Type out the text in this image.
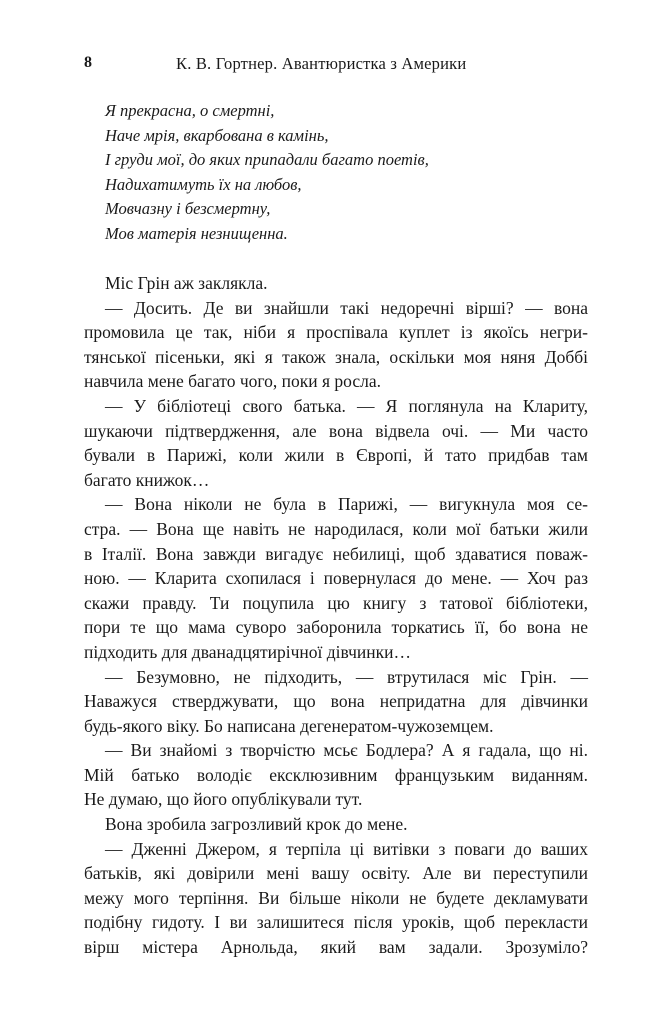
8	К. В. Гортнер. Авантюристка з Америки
Я прекрасна, о смертні,
Наче мрія, вкарбована в камінь,
І груди мої, до яких припадали багато поетів,
Надихатимуть їх на любов,
Мовчазну і безсмертну,
Мов матерія незнищенна.
Міс Грін аж заклякла.
— Досить. Де ви знайшли такі недоречні вірші? — вона
промовила це так, ніби я проспівала куплет із якоїсь негри-
тянської пісеньки, які я також знала, оскільки моя няня Доббі
навчила мене багато чого, поки я росла.
— У бібліотеці свого батька. — Я поглянула на Клариту,
шукаючи підтвердження, але вона відвела очі. — Ми часто
бували в Парижі, коли жили в Європі, й тато придбав там
багато книжок…
— Вона ніколи не була в Парижі, — вигукнула моя се-
стра. — Вона ще навіть не народилася, коли мої батьки жили
в Італії. Вона завжди вигадує небилиці, щоб здаватися поваж-
ною. — Кларита схопилася і повернулася до мене. — Хоч раз
скажи правду. Ти поцупила цю книгу з татової бібліотеки,
пори те що мама суворо заборонила торкатись її, бо вона не
підходить для дванадцятирічної дівчинки…
— Безумовно, не підходить, — втрутилася міс Грін. —
Наважуся стверджувати, що вона непридатна для дівчинки
будь-якого віку. Бо написана дегенератом-чужоземцем.
— Ви знайомі з творчістю мсьє Бодлера? А я гадала, що ні.
Мій батько володіє ексклюзивним французьким виданням.
Не думаю, що його опублікували тут.
Вона зробила загрозливий крок до мене.
— Дженні Джером, я терпіла ці витівки з поваги до ваших
батьків, які довірили мені вашу освіту. Але ви переступили
межу мого терпіння. Ви більше ніколи не будете декламувати
подібну гидоту. І ви залишитеся після уроків, щоб перекласти
вірш містера Арнольда, який вам задали. Зрозуміло?
